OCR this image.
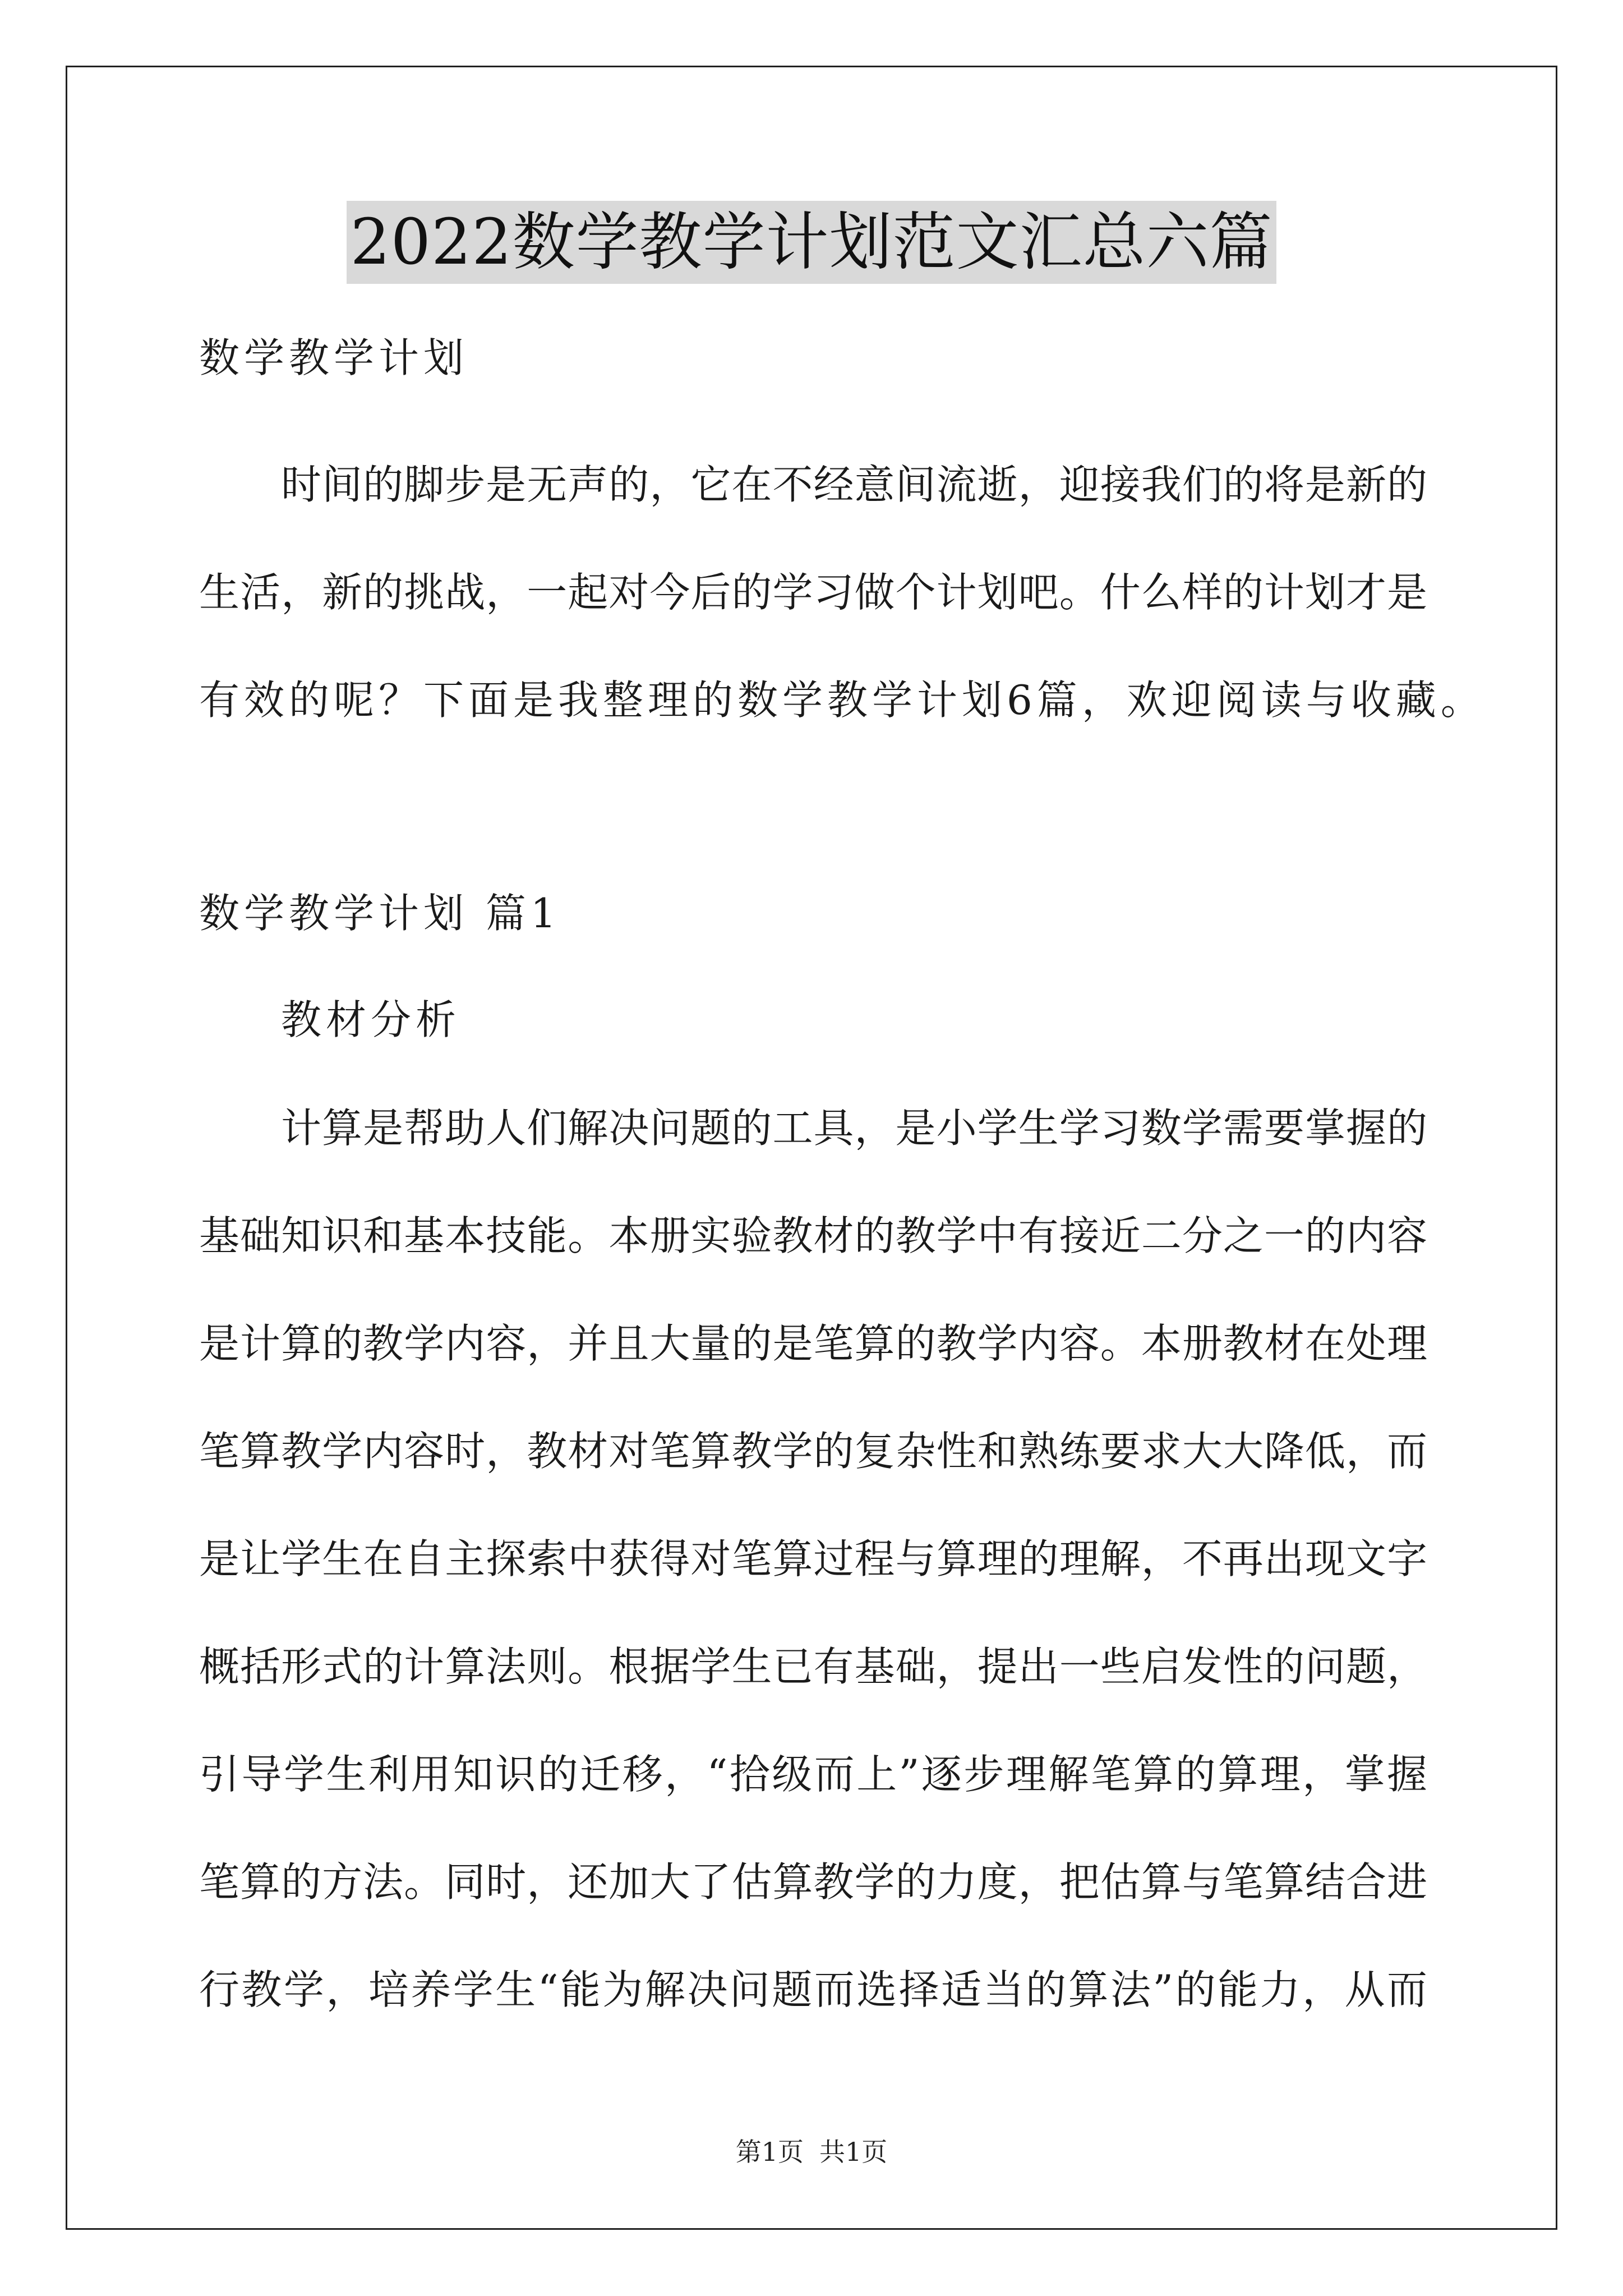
2022数学教学计划范文汇总六篇
数学教学计划
时间的脚步是无声的，它在不经意间流逝，迎接我们的将是新的
生活，新的挑战，一起对今后的学习做个计划吧。什么样的计划才是
有效的呢？下面是我整理的数学教学计划6篇，欢迎阅读与收藏。
数学教学计划 篇1
教材分析
计算是帮助人们解决问题的工具，是小学生学习数学需要掌握的
基础知识和基本技能。本册实验教材的教学中有接近二分之一的内容
是计算的教学内容，并且大量的是笔算的教学内容。本册教材在处理
笔算教学内容时，教材对笔算教学的复杂性和熟练要求大大降低，而
是让学生在自主探索中获得对笔算过程与算理的理解，不再出现文字
概括形式的计算法则。根据学生已有基础，提出一些启发性的问题，
引导学生利用知识的迁移，“拾级而上”逐步理解笔算的算理，掌握
笔算的方法。同时，还加大了估算教学的力度，把估算与笔算结合进
行教学，培养学生“能为解决问题而选择适当的算法”的能力，从而
第1页 共1页
